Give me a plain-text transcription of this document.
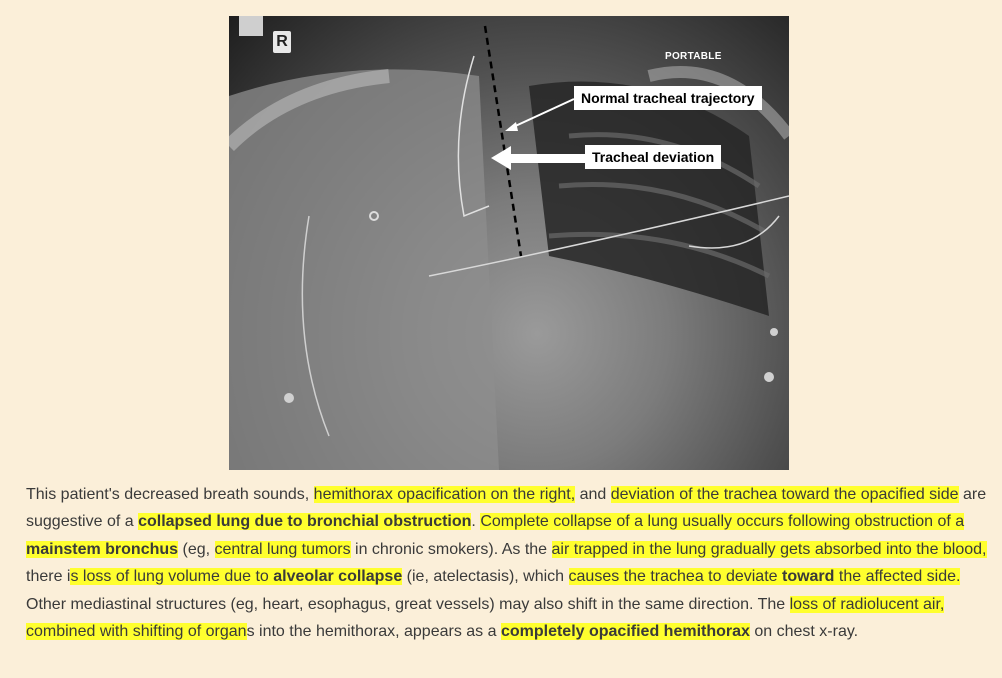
R
PORTABLE
Normal tracheal trajectory
Tracheal deviation
This patient's decreased breath sounds, hemithorax opacification on the right, and deviation of the trachea toward the opacified side are suggestive of a collapsed lung due to bronchial obstruction. Complete collapse of a lung usually occurs following obstruction of a mainstem bronchus (eg, central lung tumors in chronic smokers). As the air trapped in the lung gradually gets absorbed into the blood, there is loss of lung volume due to alveolar collapse (ie, atelectasis), which causes the trachea to deviate toward the affected side. Other mediastinal structures (eg, heart, esophagus, great vessels) may also shift in the same direction. The loss of radiolucent air, combined with shifting of organs into the hemithorax, appears as a completely opacified hemithorax on chest x-ray.
